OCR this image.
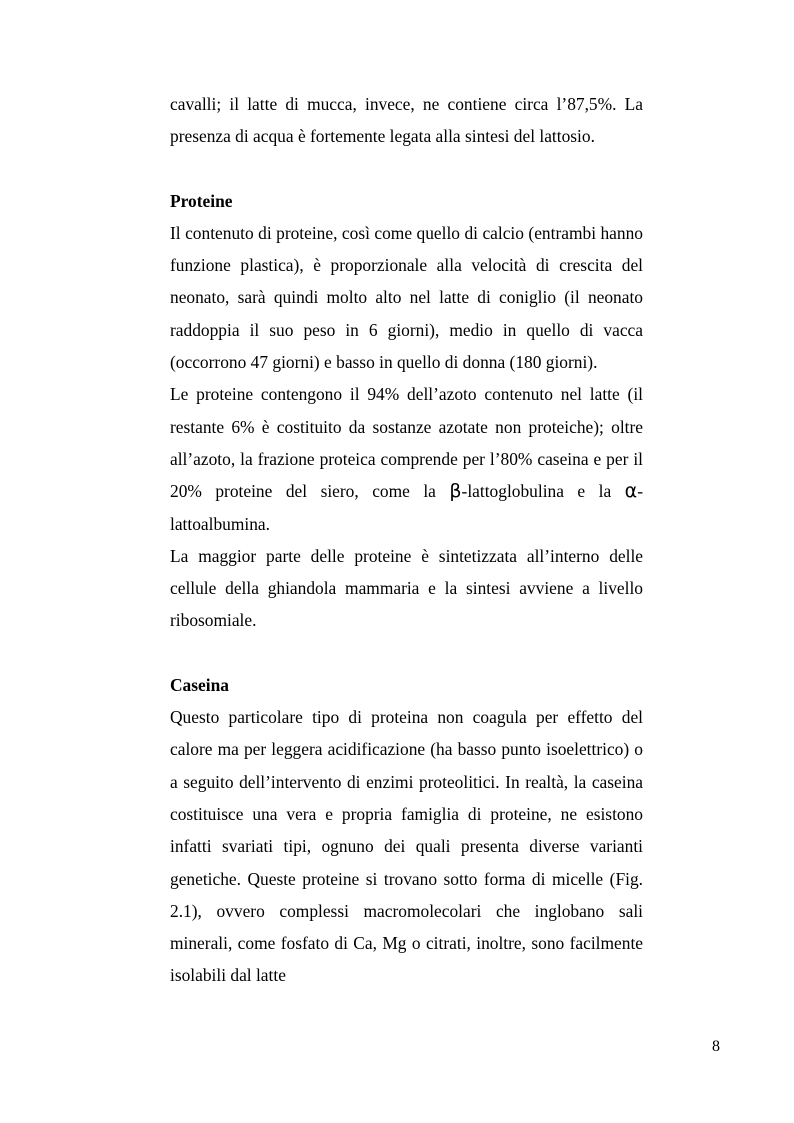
cavalli; il latte di mucca, invece, ne contiene circa l’87,5%. La presenza di acqua è fortemente legata alla sintesi del lattosio.

Proteine

Il contenuto di proteine, così come quello di calcio (entrambi hanno funzione plastica), è proporzionale alla velocità di crescita del neonato, sarà quindi molto alto nel latte di coniglio (il neonato raddoppia il suo peso in 6 giorni), medio in quello di vacca (occorrono 47 giorni) e basso in quello di donna (180 giorni).

Le proteine contengono il 94% dell’azoto contenuto nel latte (il restante 6% è costituito da sostanze azotate non proteiche); oltre all’azoto, la frazione proteica comprende per l’80% caseina e per il 20% proteine del siero, come la β-lattoglobulina e la α-lattoalbumina.

La maggior parte delle proteine è sintetizzata all’interno delle cellule della ghiandola mammaria e la sintesi avviene a livello ribosomiale.

Caseina

Questo particolare tipo di proteina non coagula per effetto del calore ma per leggera acidificazione (ha basso punto isoelettrico) o a seguito dell’intervento di enzimi proteolitici. In realtà, la caseina costituisce una vera e propria famiglia di proteine, ne esistono infatti svariati tipi, ognuno dei quali presenta diverse varianti genetiche. Queste proteine si trovano sotto forma di micelle (Fig. 2.1), ovvero complessi macromolecolari che inglobano sali minerali, come fosfato di Ca, Mg o citrati, inoltre, sono facilmente isolabili dal latte

8
